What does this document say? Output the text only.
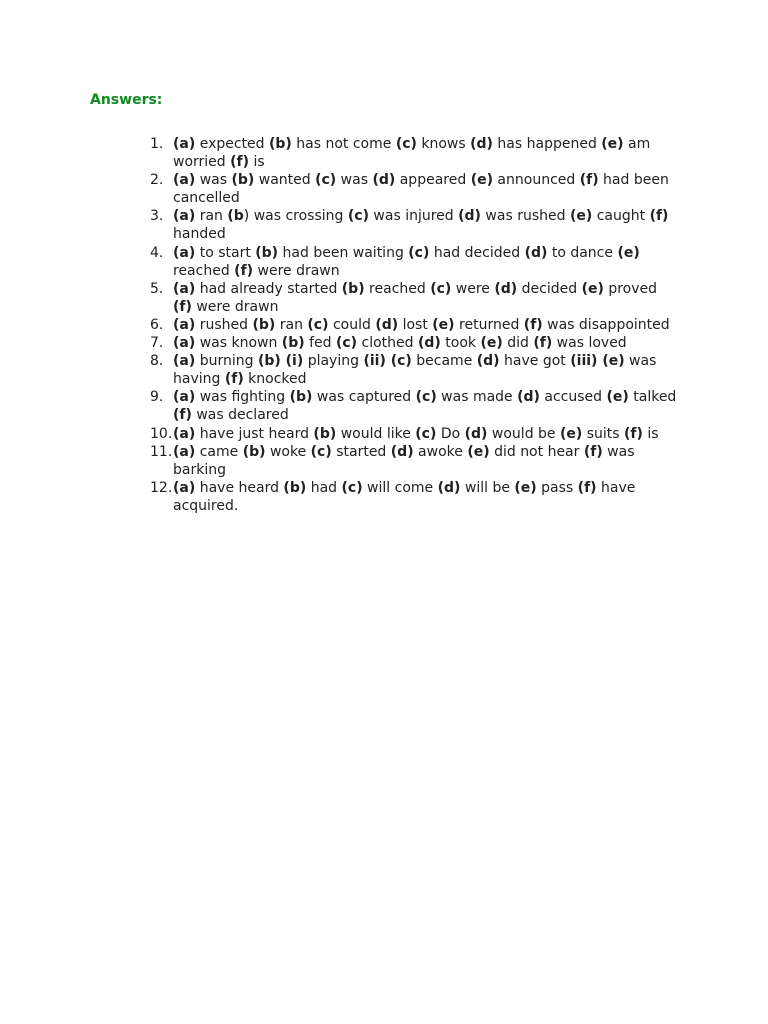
Answers:
1. (a) expected (b) has not come (c) knows (d) has happened (e) am worried (f) is
2. (a) was (b) wanted (c) was (d) appeared (e) announced (f) had been cancelled
3. (a) ran (b) was crossing (c) was injured (d) was rushed (e) caught (f) handed
4. (a) to start (b) had been waiting (c) had decided (d) to dance (e) reached (f) were drawn
5. (a) had already started (b) reached (c) were (d) decided (e) proved (f) were drawn
6. (a) rushed (b) ran (c) could (d) lost (e) returned (f) was disappointed
7. (a) was known (b) fed (c) clothed (d) took (e) did (f) was loved
8. (a) burning (b) (i) playing (ii) (c) became (d) have got (iii) (e) was having (f) knocked
9. (a) was fighting (b) was captured (c) was made (d) accused (e) talked (f) was declared
10. (a) have just heard (b) would like (c) Do (d) would be (e) suits (f) is
11. (a) came (b) woke (c) started (d) awoke (e) did not hear (f) was barking
12. (a) have heard (b) had (c) will come (d) will be (e) pass (f) have acquired.
